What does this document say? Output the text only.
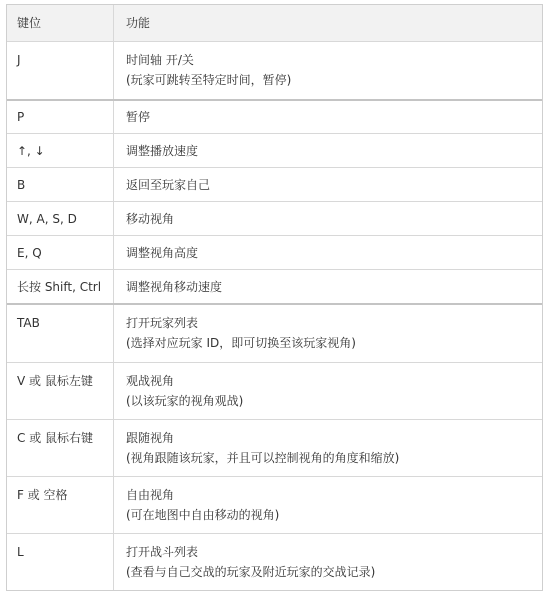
键位	功能
J	时间轴 开/关
(玩家可跳转至特定时间，暂停)
P	暂停
↑, ↓	调整播放速度
B	返回至玩家自己
W, A, S, D	移动视角
E, Q	调整视角高度
长按 Shift, Ctrl	调整视角移动速度
TAB	打开玩家列表
(选择对应玩家 ID，即可切换至该玩家视角)
V 或 鼠标左键	观战视角
(以该玩家的视角观战)
C 或 鼠标右键	跟随视角
(视角跟随该玩家，并且可以控制视角的角度和缩放)
F 或 空格	自由视角
(可在地图中自由移动的视角)
L	打开战斗列表
(查看与自己交战的玩家及附近玩家的交战记录)
